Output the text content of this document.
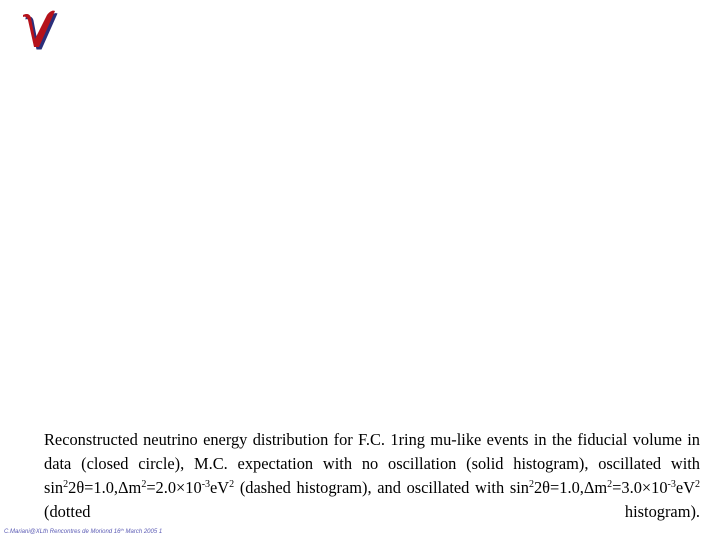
Reconstructed neutrino energy distribution for F.C. 1ring mu-like events in the fiducial volume in data (closed circle), M.C. expectation with no oscillation (solid histogram), oscillated with $\sin^22\theta=1.0,\Delta m^2=2.0\times 10^{-3}eV^2$ (dashed histogram), and oscillated with $\sin^22\theta=1.0,\Delta m^2=3.0\times 10^{-3}eV^2$ (dotted histogram).
C.Mariani@XLth Rencontres de Moriond 16th March 2005 1
